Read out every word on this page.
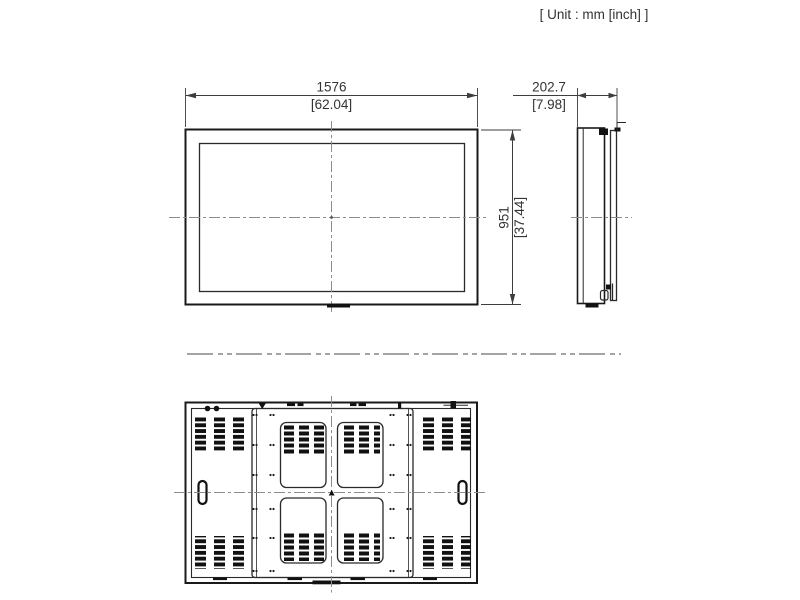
[ Unit : mm [inch] ]
1576
[62.04]
951 [37.44]
202.7
[7.98]
